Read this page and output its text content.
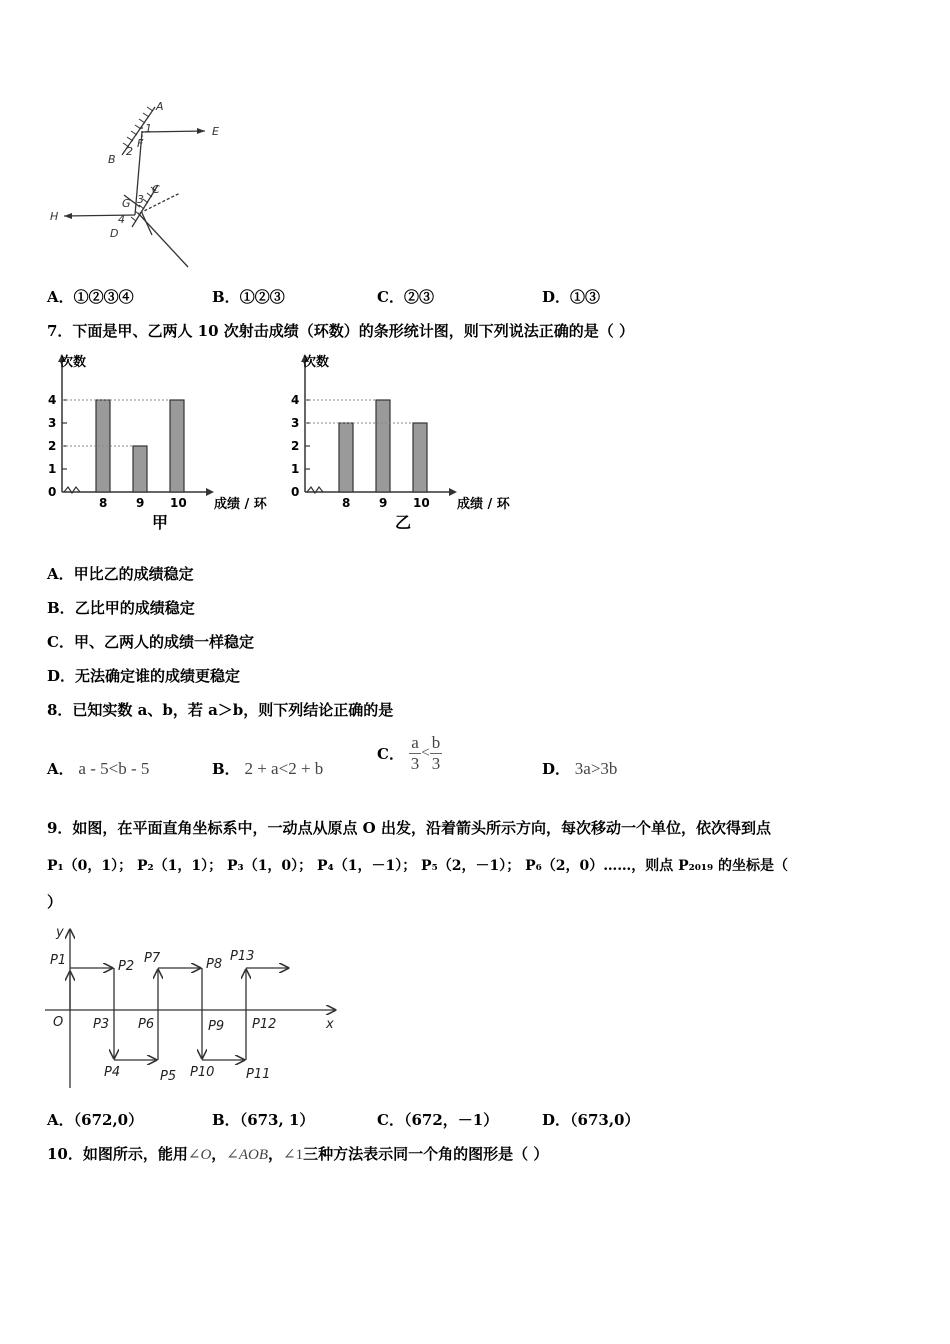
A
E
B
1
2
F
C
H
G 3
4
D
A．①②③④	B．①②③	C．②③	D．①③
7．下面是甲、乙两人 10 次射击成绩（环数）的条形统计图，则下列说法正确的是（ ）
次数
0
1
2
3
4
8 9 10 成绩 / 环
甲
次数
0
1
2
3
4
8 9 10 成绩 / 环
乙
A．甲比乙的成绩稳定
B．乙比甲的成绩稳定
C．甲、乙两人的成绩一样稳定
D．无法确定谁的成绩更稳定
8．已知实数 a、b，若 a＞b，则下列结论正确的是
A． a - 5<b - 5	B． 2 + a<2 + b
C． $\frac{a}{3} < \frac{b}{3}$	D． 3a>3b
9．如图，在平面直角坐标系中，一动点从原点 O 出发，沿着箭头所示方向，每次移动一个单位，依次得到点
P₁（0，1）； P₂（1，1）； P₃（1，0）； P₄（1，－1）； P₅（2，－1）； P₆（2，0）……，则点 P₂₀₁₉ 的坐标是（
）
y
x
O
P1	P2
P3
P4	P5
P6
P7	P8
P9
P10 P11
P12
P13
A．（672,0）	B．（673, 1）	C．（672，－1）	D．（673,0）
10．如图所示，能用∠O，∠AOB，∠1三种方法表示同一个角的图形是（ ）
